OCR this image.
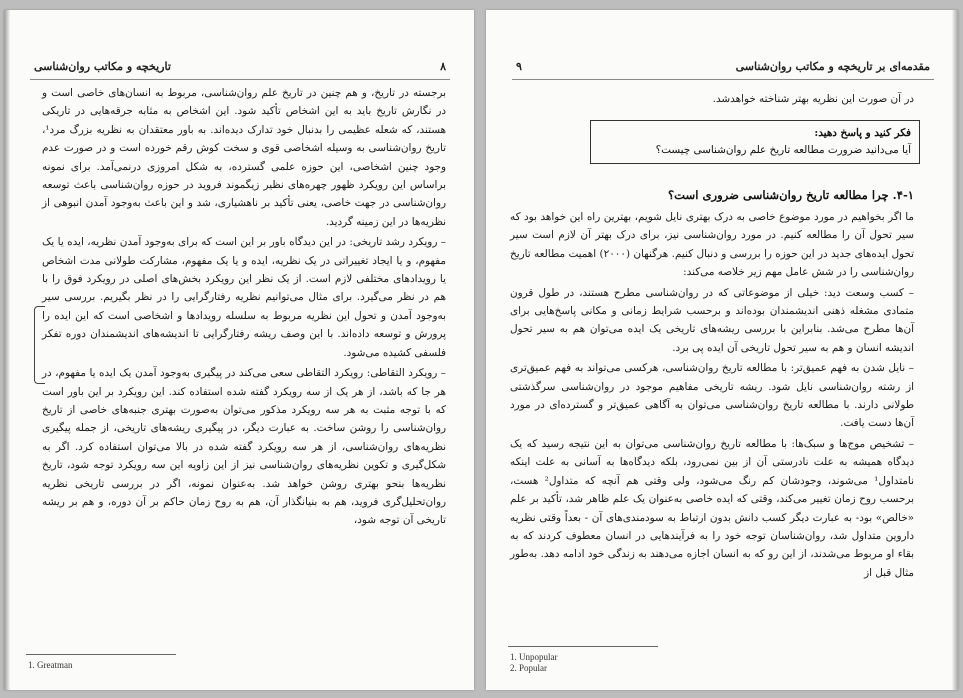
۸
تاریخچه و مکاتب روان‌شناسی

برجسته در تاریخ، و هم چنین در تاریخ علم روان‌شناسی، مربوط به انسان‌های خاصی است و در نگارش تاریخ باید به این اشخاص تأکید شود. این اشخاص به مثابه جرقه‌هایی در تاریکی هستند، که شعله عظیمی را بدنبال خود تدارک دیده‌اند. به باور معتقدان به نظریه بزرگ مرد¹، تاریخ روان‌شناسی به وسیله اشخاصی قوی و سخت کوش رقم خورده است و در صورت عدم وجود چنین اشخاصی، این حوزه علمی گسترده، به شکل امروزی درنمی‌آمد. برای نمونه براساس این رویکرد ظهور چهره‌های نظیر زیگموند فروید در حوزه روان‌شناسی باعث توسعه روان‌شناسی در جهت خاصی، یعنی تأکید بر ناهشیاری، شد و این باعث به‌وجود آمدن انبوهی از نظریه‌ها در این زمینه گردید.

– رویکرد رشد تاریخی: در این دیدگاه باور بر این است که برای به‌وجود آمدن نظریه، ایده یا یک مفهوم، و یا ایجاد تغییراتی در یک نظریه، ایده و یا یک مفهوم، مشارکت طولانی مدت اشخاص یا رویدادهای مختلفی لازم است. از یک نظر این رویکرد بخش‌های اصلی در رویکرد فوق را با هم در نظر می‌گیرد. برای مثال می‌توانیم نظریه رفتارگرایی را در نظر بگیریم. بررسی سیر به‌وجود آمدن و تحول این نظریه مربوط به سلسله رویدادها و اشخاصی است که این ایده را پرورش و توسعه داده‌اند. با این وصف ریشه رفتارگرایی تا اندیشه‌های اندیشمندان دوره تفکر فلسفی کشیده می‌شود.

– رویکرد التقاطی: رویکرد التقاطی سعی می‌کند در پیگیری به‌وجود آمدن یک ایده یا مفهوم، در هر جا که باشد، از هر یک از سه رویکرد گفته شده استفاده کند. این رویکرد بر این باور است که با توجه مثبت به هر سه رویکرد مذکور می‌توان به‌صورت بهتری جنبه‌های خاصی از تاریخ روان‌شناسی را روشن ساخت. به عبارت دیگر، در پیگیری ریشه‌های تاریخی، از جمله پیگیری نظریه‌های روان‌شناسی، از هر سه رویکرد گفته شده در بالا می‌توان استفاده کرد. اگر به شکل‌گیری و تکوین نظریه‌های روان‌شناسی نیز از این زاویه این سه رویکرد توجه شود، تاریخ نظریه‌ها بنحو بهتری روشن خواهد شد. به‌عنوان نمونه، اگر در بررسی تاریخی نظریه روان‌تحلیل‌گری فروید، هم به بنیانگذار آن، هم به روح زمان حاکم بر آن دوره، و هم بر ریشه تاریخی آن توجه شود،

1. Greatman
۹	مقدمه‌ای بر تاریخچه و مکاتب روان‌شناسی
در آن صورت این نظریه بهتر شناخته خواهدشد.
فکر کنید و پاسخ دهید:
آیا می‌دانید ضرورت مطالعه تاریخ علم روان‌شناسی چیست؟
۴-۱. چرا مطالعه تاریخ روان‌شناسی ضروری است؟

ما اگر بخواهیم در مورد موضوع خاصی به درک بهتری نایل شویم، بهترین راه این خواهد بود که سیر تحول آن را مطالعه کنیم. در مورد روان‌شناسی نیز، برای درک بهتر آن لازم است سیر تحول ایده‌های جدید در این حوزه را بررسی و دنبال کنیم. هرگنهان (۲۰۰۰) اهمیت مطالعه تاریخ روان‌شناسی را در شش عامل مهم زیر خلاصه می‌کند:

– کسب وسعت دید: خیلی از موضوعاتی که در روان‌شناسی مطرح هستند، در طول قرون متمادی مشغله ذهنی اندیشمندان بوده‌اند و برحسب شرایط زمانی و مکانی پاسخ‌هایی برای آن‌ها مطرح می‌شد. بنابراین با بررسی ریشه‌های تاریخی یک ایده می‌توان هم به سیر تحول اندیشه انسان و هم به سیر تحول تاریخی آن ایده پی برد.

– نایل شدن به فهم عمیق‌تر: با مطالعه تاریخ روان‌شناسی، هرکسی می‌تواند به فهم عمیق‌تری از رشته روان‌شناسی نایل شود. ریشه تاریخی مفاهیم موجود در روان‌شناسی سرگذشتی طولانی دارند. با مطالعه تاریخ روان‌شناسی می‌توان به آگاهی عمیق‌تر و گسترده‌ای در مورد آن‌ها دست یافت.

– تشخیص موج‌ها و سبک‌ها: با مطالعه تاریخ روان‌شناسی می‌توان به این نتیجه رسید که یک دیدگاه همیشه به علت نادرستی آن از بین نمی‌رود، بلکه دیدگاه‌ها به آسانی به علت اینکه نامتداول¹ می‌شوند، وجودشان کم رنگ می‌شود، ولی وقتی هم آنچه که متداول² هست، برحسب روح زمان تغییر می‌کند، وقتی که ایده خاصی به‌عنوان یک علم ظاهر شد، تأکید بر علم «خالص» بود- به عبارت دیگر کسب دانش بدون ارتباط به سودمندی‌های آن - بعداً وقتی نظریه داروین متداول شد، روان‌شناسان توجه خود را به فرآیندهایی در انسان معطوف کردند که به بقاء او مربوط می‌شدند، از این رو که به انسان اجازه می‌دهند به زندگی خود ادامه دهد. به‌طور مثال قبل از

1. Unpopular
2. Popular
